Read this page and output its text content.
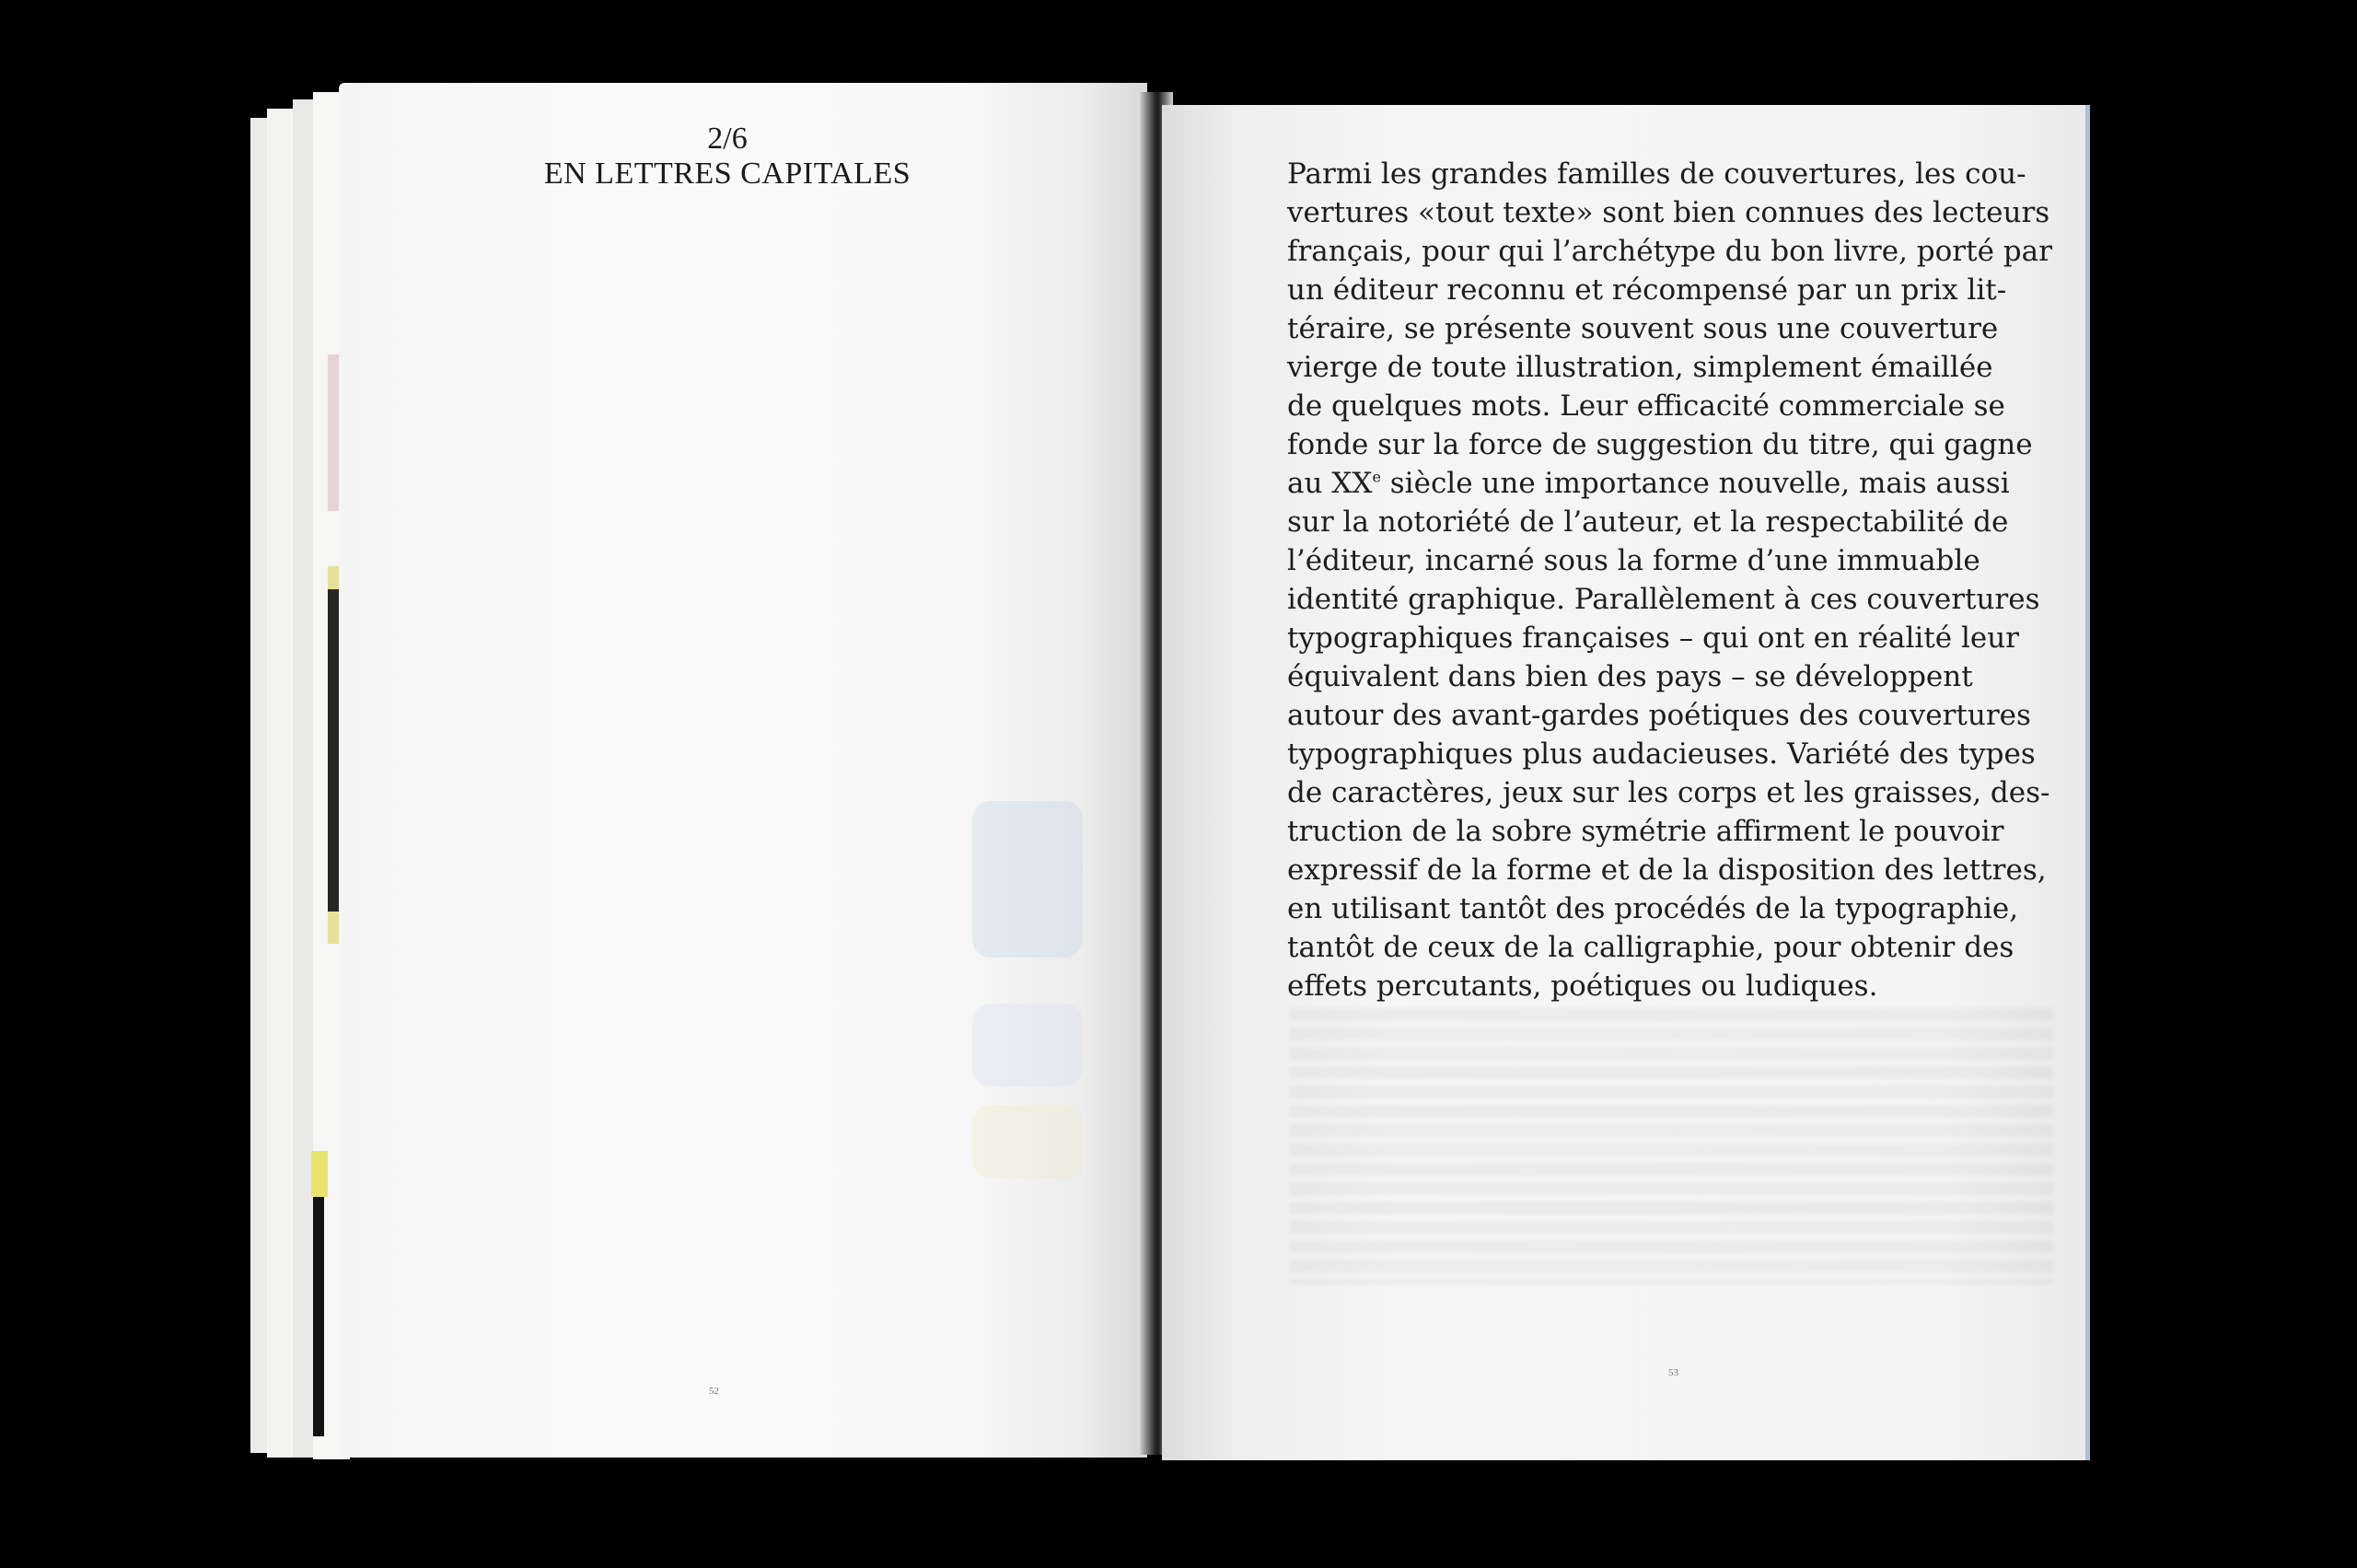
2/6
EN LETTRES CAPITALES	Parmi les grandes familles de couvertures, les cou-
vertures «tout texte» sont bien connues des lecteurs
français, pour qui l’archétype du bon livre, porté par
un éditeur reconnu et récompensé par un prix lit-
téraire, se présente souvent sous une couverture
vierge de toute illustration, simplement émaillée
de quelques mots. Leur efficacité commerciale se
fonde sur la force de suggestion du titre, qui gagne
au XXe siècle une importance nouvelle, mais aussi
sur la notoriété de l’auteur, et la respectabilité de
l’éditeur, incarné sous la forme d’une immuable
identité graphique. Parallèlement à ces couvertures
typographiques françaises – qui ont en réalité leur
équivalent dans bien des pays – se développent
autour des avant-gardes poétiques des couvertures
typographiques plus audacieuses. Variété des types
de caractères, jeux sur les corps et les graisses, des-
truction de la sobre symétrie affirment le pouvoir
expressif de la forme et de la disposition des lettres,
en utilisant tantôt des procédés de la typographie,
tantôt de ceux de la calligraphie, pour obtenir des
effets percutants, poétiques ou ludiques.
52
53
